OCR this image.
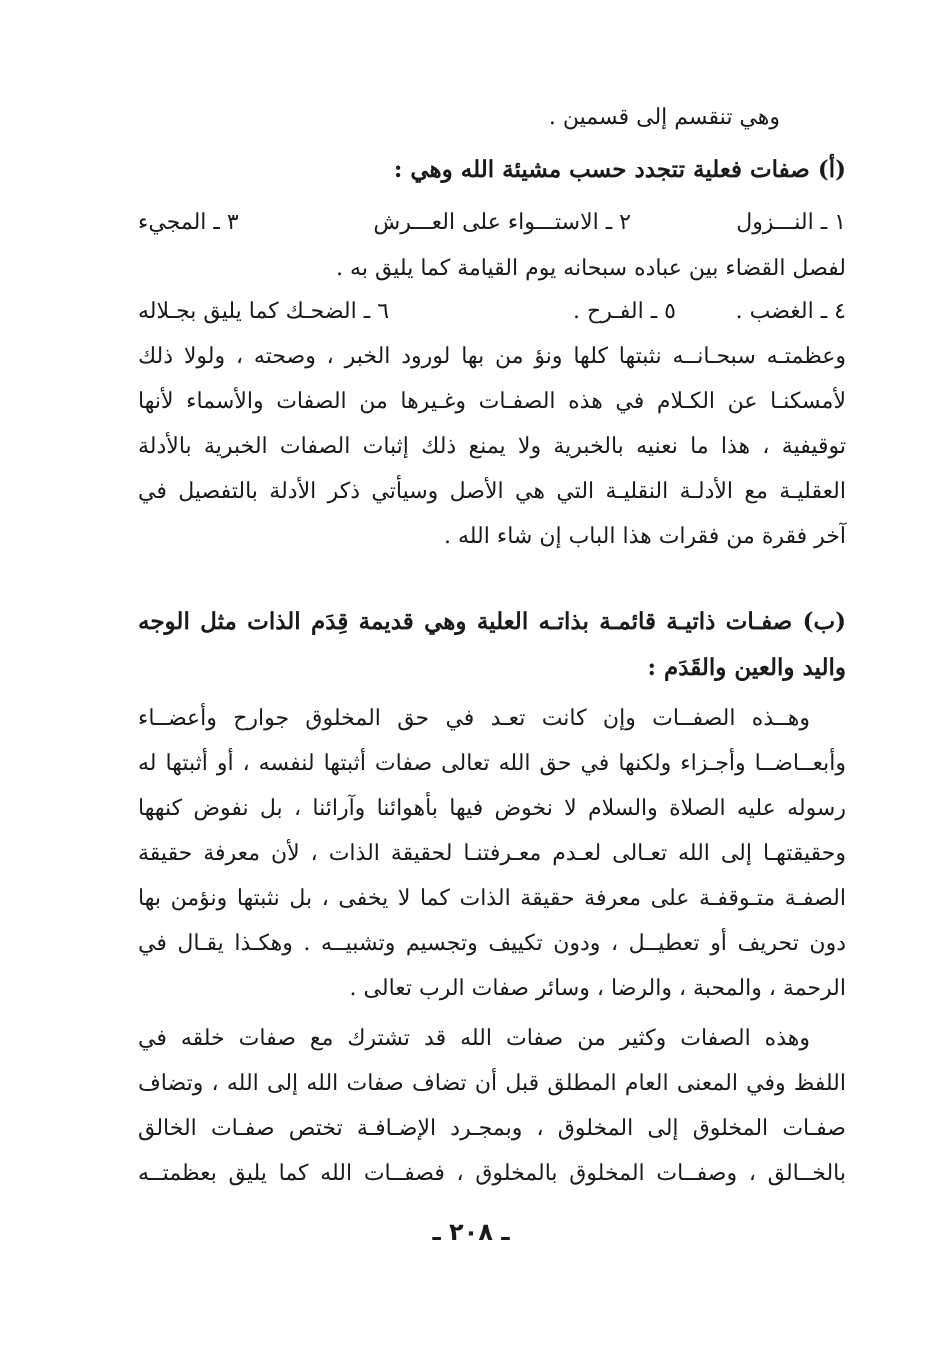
وهي تنقسم إلى قسمين .
(أ) صفات فعلية تتجدد حسب مشيئة الله وهي :
١ ـ النـــزول
٢ ـ الاستـــواء على العـــرش
٣ ـ المجيء
لفصل القضاء بين عباده سبحانه يوم القيامة كما يليق به .
٤ ـ الغضب .
٥ ـ الفـرح .
٦ ـ الضحـك كما يليق بجـلاله
وعظمتـه سبحـانــه نثبتها كلها ونؤ من بها لورود الخبر ، وصحته ، ولولا ذلك
لأمسكنـا عن الكـلام في هذه الصفـات وغـيرها من الصفات والأسماء لأنها
توقيفية ، هذا ما نعنيه بالخبرية ولا يمنع ذلك إثبات الصفات الخبرية بالأدلة
العقليـة مع الأدلـة النقليـة التي هي الأصل وسيأتي ذكر الأدلة بالتفصيل في
آخر فقرة من فقرات هذا الباب إن شاء الله .
(ب) صفـات ذاتيـة قائمـة بذاتـه العلية وهي قديمة قِدَم الذات مثل الوجه
واليد والعين والقَدَم :
وهــذه الصفــات وإن كانت تعـد في حق المخلوق جوارح وأعضــاء
وأبعــاضــا وأجـزاء ولكنها في حق الله تعالى صفات أثبتها لنفسه ، أو أثبتها له
رسوله عليه الصلاة والسلام لا نخوض فيها بأهوائنا وآرائنا ، بل نفوض كنهها
وحقيقتهـا إلى الله تعـالى لعـدم معـرفتنـا لحقيقة الذات ، لأن معرفة حقيقة
الصفـة متـوقفـة على معرفة حقيقة الذات كما لا يخفى ، بل نثبتها ونؤمن بها
دون تحريف أو تعطيــل ، ودون تكييف وتجسيم وتشبيــه . وهكـذا يقـال في
الرحمة ، والمحبة ، والرضا ، وسائر صفات الرب تعالى .
وهذه الصفات وكثير من صفات الله قد تشترك مع صفات خلقه في
اللفظ وفي المعنى العام المطلق قبل أن تضاف صفات الله إلى الله ، وتضاف
صفـات المخلوق إلى المخلوق ، وبمجـرد الإضـافـة تختص صفـات الخالق
بالخــالق ، وصفــات المخلوق بالمخلوق ، فصفــات الله كما يليق بعظمتــه
ـ ٢٠٨ ـ
